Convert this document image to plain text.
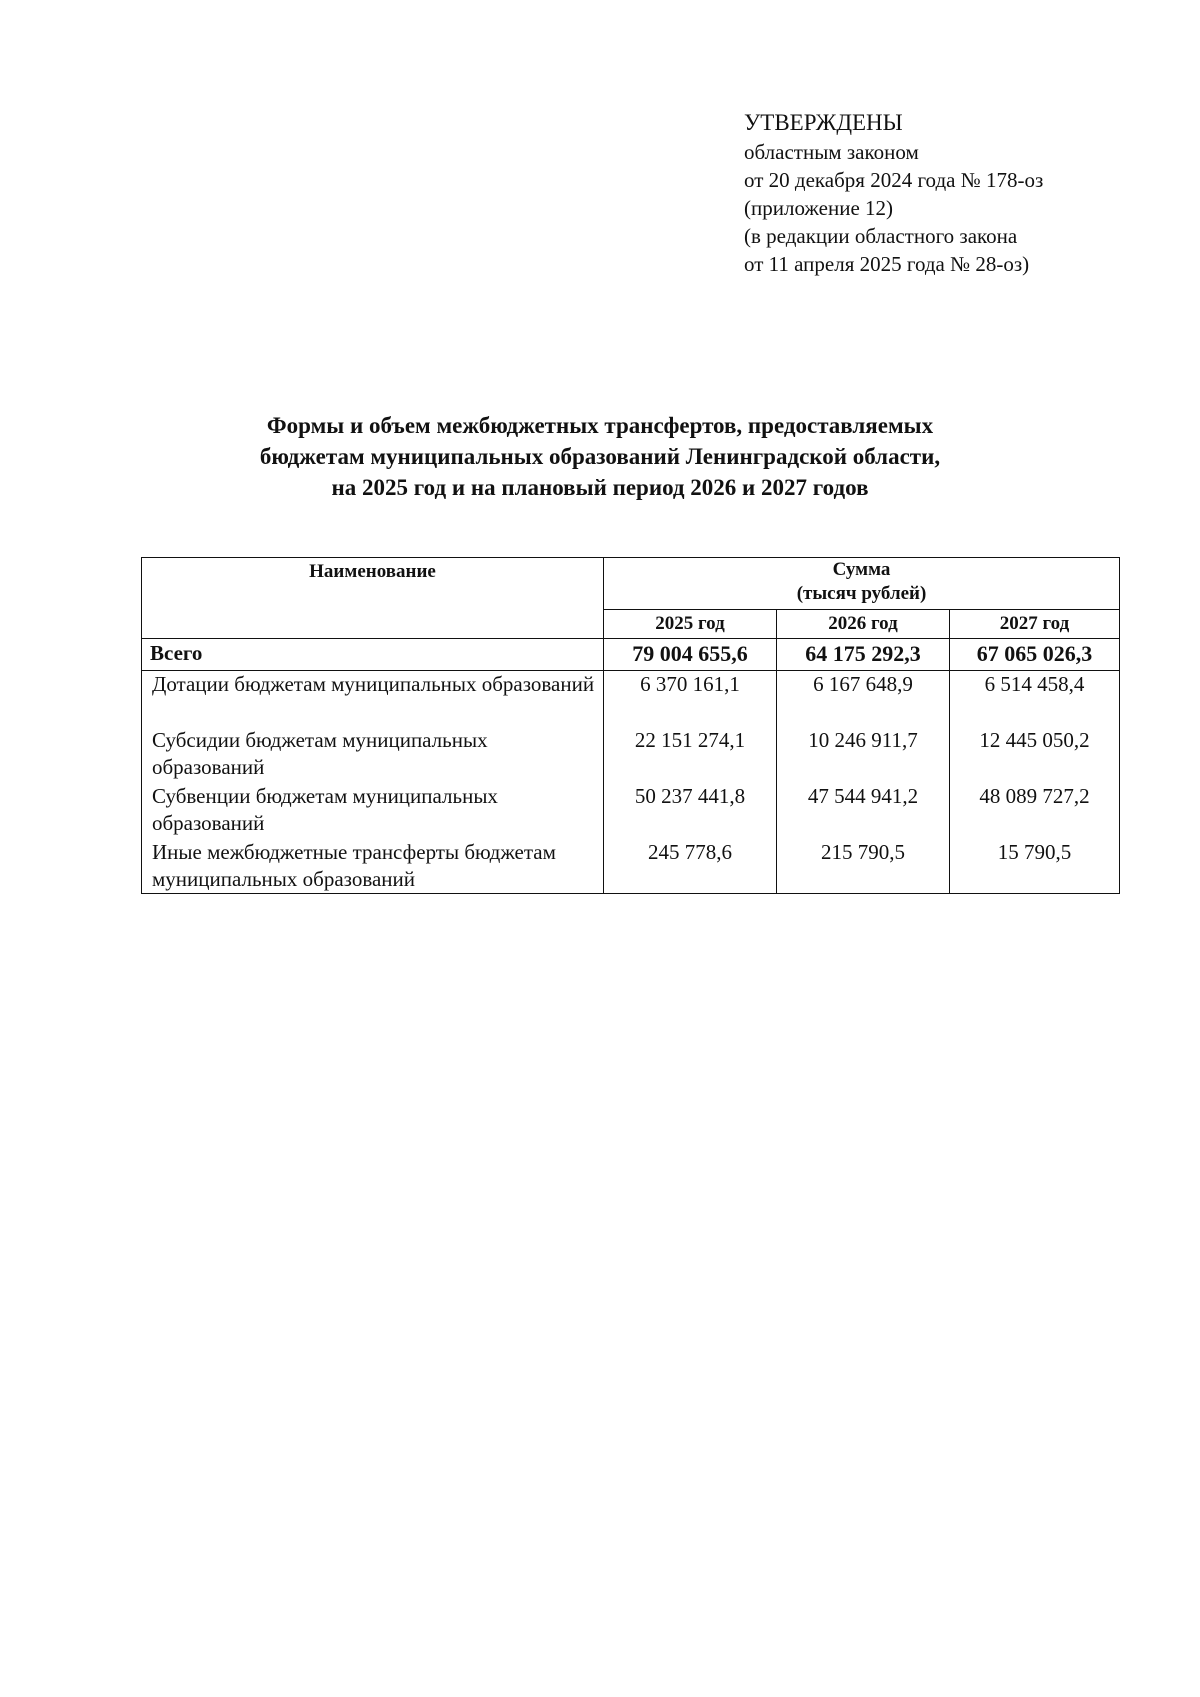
УТВЕРЖДЕНЫ
областным законом
от 20 декабря 2024 года № 178-оз
(приложение 12)
(в редакции областного закона
от 11 апреля 2025 года № 28-оз)
Формы и объем межбюджетных трансфертов, предоставляемых
бюджетам муниципальных образований Ленинградской области,
на 2025 год и на плановый период 2026 и 2027 годов
Наименование	Сумма
(тысяч рублей)		

	2025 год	2026 год	2027 год
Всего	79 004 655,6	64 175 292,3	67 065 026,3
Дотации бюджетам муниципальных образований	6 370 161,1	6 167 648,9	6 514 458,4
Субсидии бюджетам муниципальных образований	22 151 274,1	10 246 911,7	12 445 050,2
Субвенции бюджетам муниципальных образований	50 237 441,8	47 544 941,2	48 089 727,2
Иные межбюджетные трансферты бюджетам муниципальных образований	245 778,6	215 790,5	15 790,5
